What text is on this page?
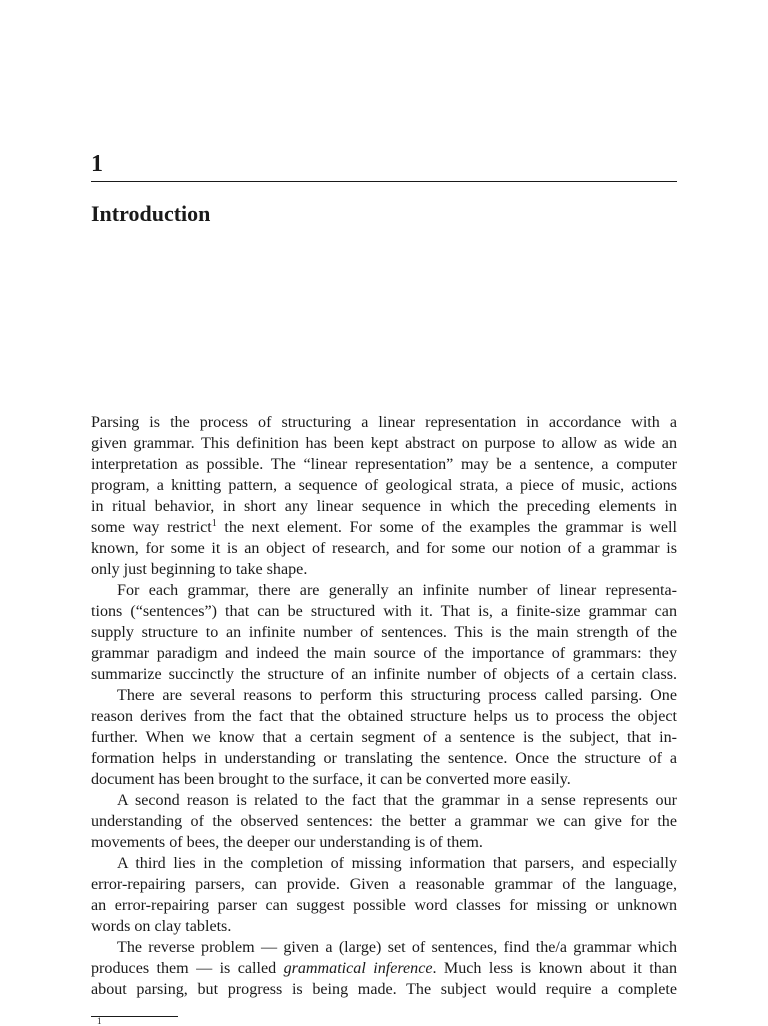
1
Introduction
Parsing is the process of structuring a linear representation in accordance with a
given grammar. This definition has been kept abstract on purpose to allow as wide an
interpretation as possible. The “linear representation” may be a sentence, a computer
program, a knitting pattern, a sequence of geological strata, a piece of music, actions
in ritual behavior, in short any linear sequence in which the preceding elements in
some way restrict$^1$ the next element. For some of the examples the grammar is well
known, for some it is an object of research, and for some our notion of a grammar is
only just beginning to take shape.
For each grammar, there are generally an infinite number of linear representa-
tions (“sentences”) that can be structured with it. That is, a finite-size grammar can
supply structure to an infinite number of sentences. This is the main strength of the
grammar paradigm and indeed the main source of the importance of grammars: they
summarize succinctly the structure of an infinite number of objects of a certain class.
There are several reasons to perform this structuring process called parsing. One
reason derives from the fact that the obtained structure helps us to process the object
further. When we know that a certain segment of a sentence is the subject, that in-
formation helps in understanding or translating the sentence. Once the structure of a
document has been brought to the surface, it can be converted more easily.
A second reason is related to the fact that the grammar in a sense represents our
understanding of the observed sentences: the better a grammar we can give for the
movements of bees, the deeper our understanding is of them.
A third lies in the completion of missing information that parsers, and especially
error-repairing parsers, can provide. Given a reasonable grammar of the language,
an error-repairing parser can suggest possible word classes for missing or unknown
words on clay tablets.
The reverse problem — given a (large) set of sentences, find the/a grammar which
produces them — is called grammatical inference. Much less is known about it than
about parsing, but progress is being made. The subject would require a complete
1
